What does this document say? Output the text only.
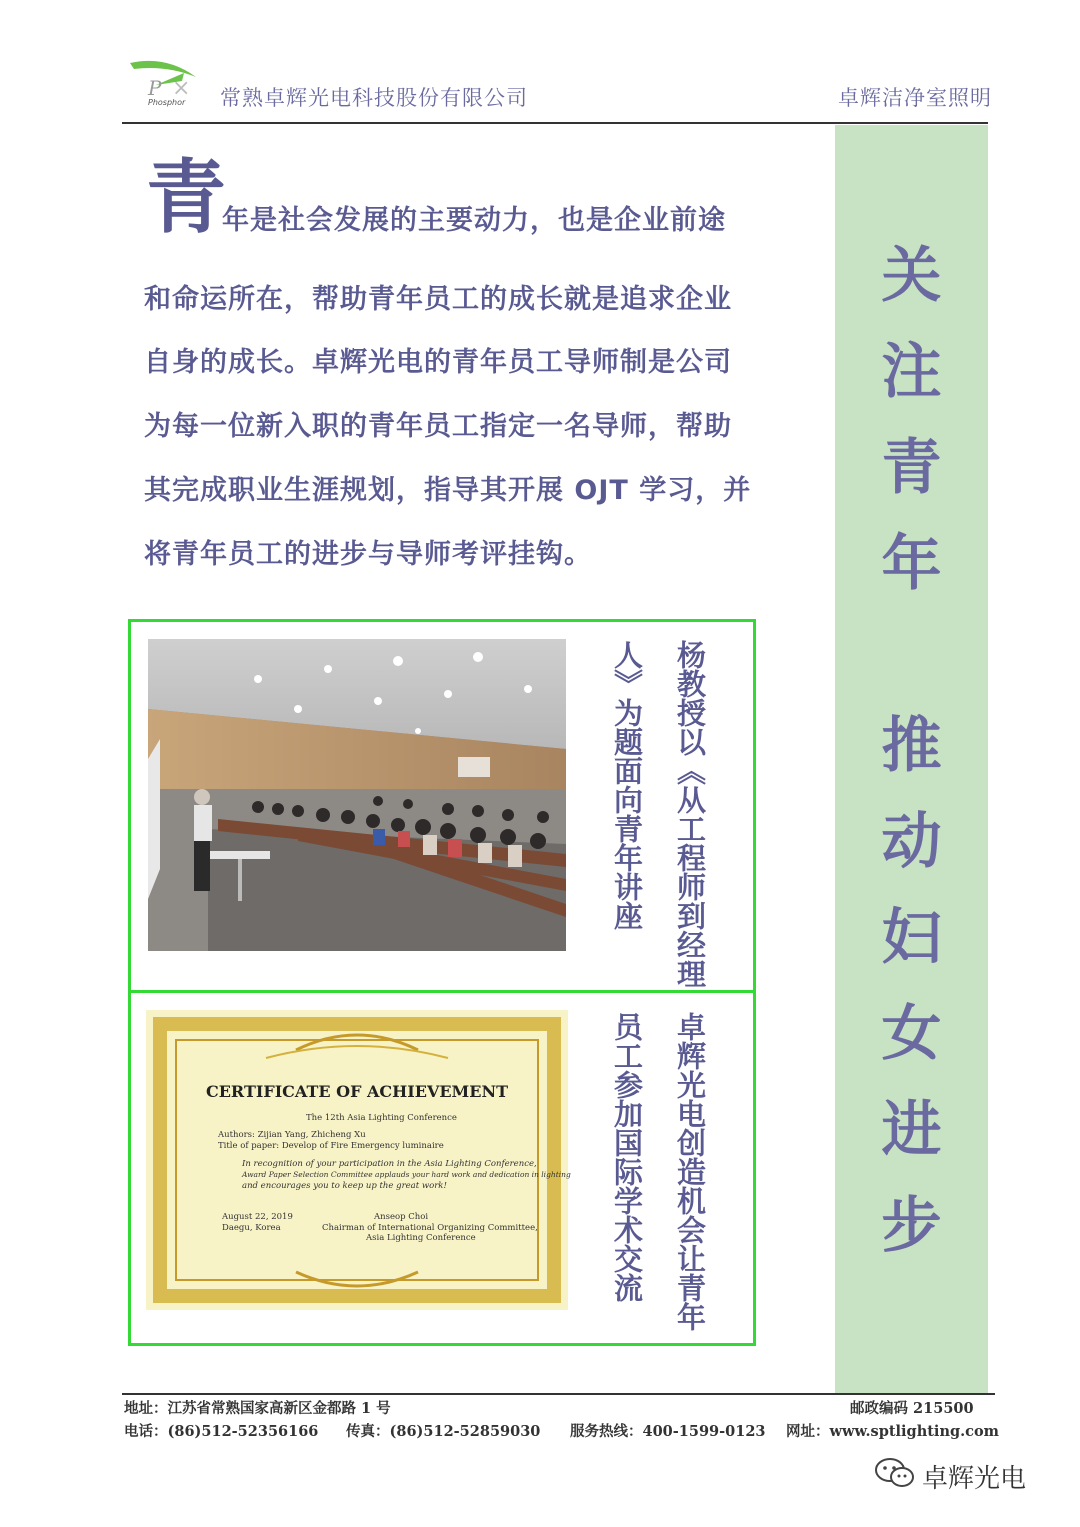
P ×
Phosphor 常熟卓辉光电科技股份有限公司	卓辉洁净室照明
关
注
青
年
推
动
妇
女
进
步
青
年是社会发展的主要动力，也是企业前途
和命运所在，帮助青年员工的成长就是追求企业
自身的成长。卓辉光电的青年员工导师制是公司
为每一位新入职的青年员工指定一名导师，帮助
其完成职业生涯规划，指导其开展 OJT 学习，并
将青年员工的进步与导师考评挂钩。
杨教授以《从工程师到经理
人》为题面向青年讲座
CERTIFICATE OF ACHIEVEMENT
The 12th Asia Lighting Conference
Authors: Zijian Yang, Zhicheng Xu
Title of paper: Develop of Fire Emergency luminaire
In recognition of your participation in the Asia Lighting Conference,
Award Paper Selection Committee applauds your hard work and dedication in lighting
and encourages you to keep up the great work!
August 22, 2019
Daegu, Korea
Anseop Choi
Chairman of International Organizing Committee,
Asia Lighting Conference	卓辉光电创造机会让青年
员工参加国际学术交流
地址：江苏省常熟国家高新区金都路 1 号	邮政编码 215500
电话：(86)512-52356166 传真：(86)512-52859030 服务热线：400-1599-0123 网址：www.sptlighting.com
卓辉光电
